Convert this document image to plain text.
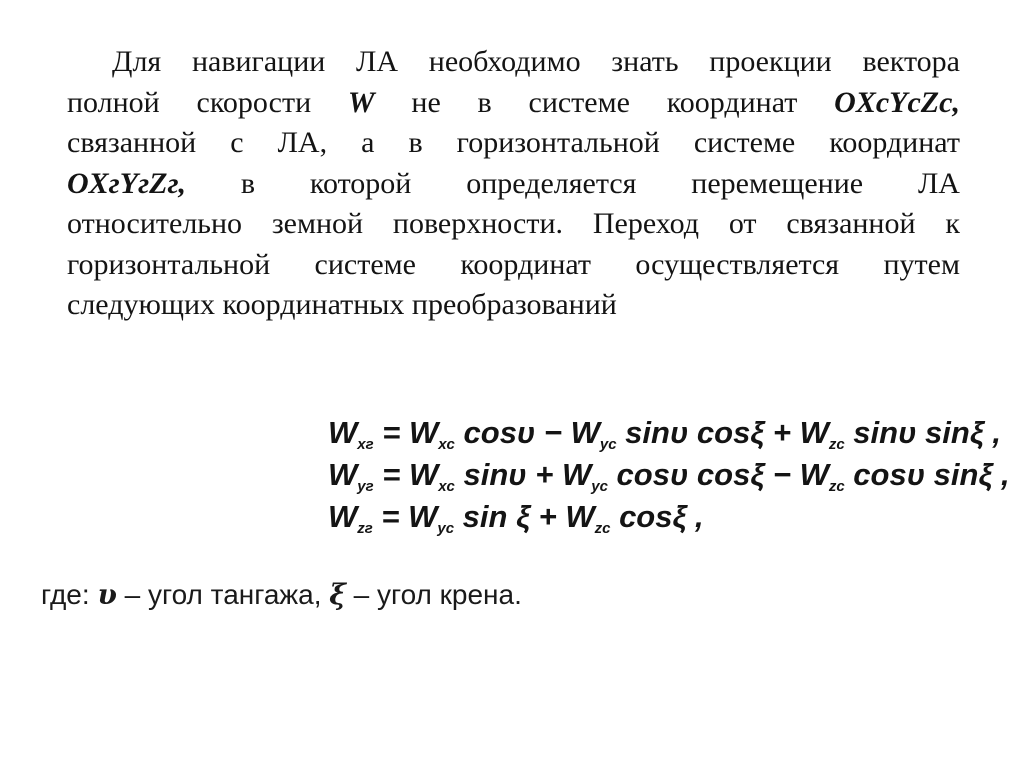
Для навигации ЛА необходимо знать проекции вектора
полной скорости W не в системе координат OXcYcZc,
связанной с ЛА, а в горизонтальной системе координат
OXгYгZг, в которой определяется перемещение ЛА
относительно земной поверхности. Переход от связанной к
горизонтальной системе координат осуществляется путем
следующих координатных преобразований
$W_{xг} = W_{xc}$ $\cos\upsilon - W_{yc}$ sinυ $\cos\xi + W_{zc}$ sinυ sinξ ,
$W_{yг} = W_{xc}$ $\sin\upsilon + W_{yc}$ cosυ $\cos\xi - W_{zc}$ cosυ sinξ ,
$W_{zг} = W_{yc}$ $\sin \xi + W_{zc}$ cosξ ,
где: υ – угол тангажа, ξ – угол крена.
